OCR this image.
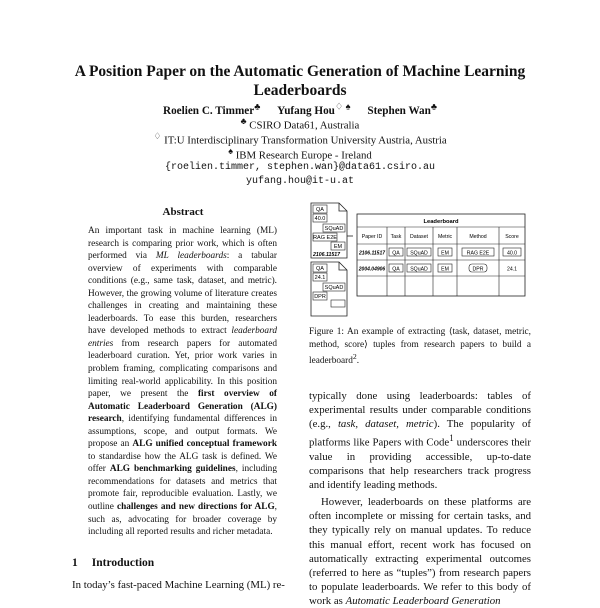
A Position Paper on the Automatic Generation of Machine Learning Leaderboards
Roelien C. Timmer♣ Yufang Hou♢ ♠ Stephen Wan♣
♣ CSIRO Data61, Australia
♢ IT:U Interdisciplinary Transformation University Austria, Austria
♠ IBM Research Europe - Ireland
{roelien.timmer, stephen.wan}@data61.csiro.au
yufang.hou@it-u.at
Abstract

An important task in machine learning (ML) research is comparing prior work, which is often performed via ML leaderboards: a tabular overview of experiments with comparable conditions (e.g., same task, dataset, and metric). However, the growing volume of literature creates challenges in creating and maintaining these leaderboards. To ease this burden, researchers have developed methods to extract leaderboard entries from research papers for automated leaderboard curation. Yet, prior work varies in problem framing, complicating comparisons and limiting real-world applicability. In this position paper, we present the first overview of Automatic Leaderboard Generation (ALG) research, identifying fundamental differences in assumptions, scope, and output formats. We propose an ALG unified conceptual framework to standardise how the ALG task is defined. We offer ALG benchmarking guidelines, including recommendations for datasets and metrics that promote fair, reproducible evaluation. Lastly, we outline challenges and new directions for ALG, such as, advocating for broader coverage by including all reported results and richer metadata.

1 Introduction
In today’s fast-paced Machine Learning (ML) re-
QA
40.0
SQuAD
RAG E2E
EM
2106.11517
QA
24.1
SQuAD
DPR
Leaderboard
Paper ID Task Dataset Metric	Method	Score
2106.11517 QA SQuAD	EM	RAG E2E	40.0
2004.04906 QA SQuAD	EM	DPR	24.1
Figure 1: An example of extracting ⟨task, dataset, metric, method, score⟩ tuples from research papers to build a leaderboard$^2$.

typically done using leaderboards: tables of experimental results under comparable conditions (e.g., task, dataset, metric). The popularity of platforms like Papers with Code$^1$ underscores their value in providing accessible, up-to-date comparisons that help researchers track progress and identify leading methods.

However, leaderboards on these platforms are often incomplete or missing for certain tasks, and they typically rely on manual updates. To reduce this manual effort, recent work has focused on automatically extracting experimental outcomes (referred to here as “tuples”) from research papers to populate leaderboards. We refer to this body of work as Automatic Leaderboard Generation
